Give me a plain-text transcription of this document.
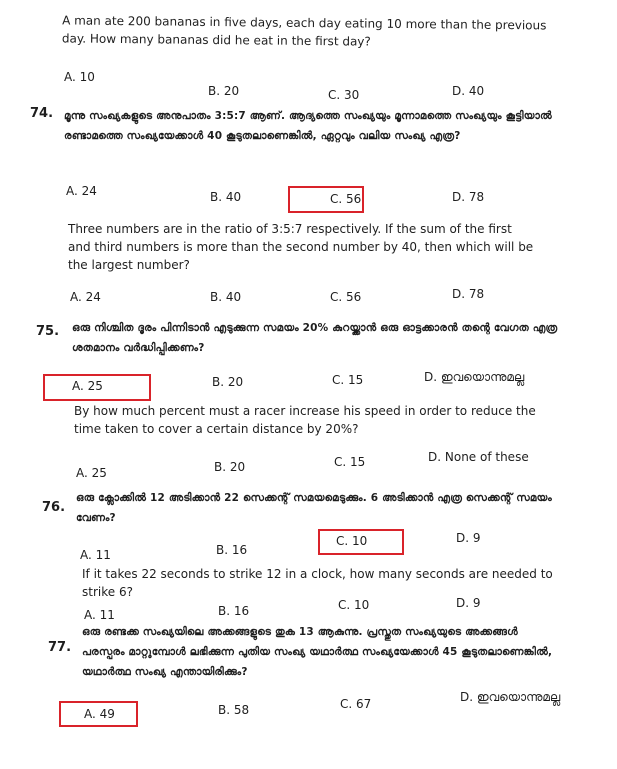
A man ate 200 bananas in five days, each day eating 10 more than the previous day. How many bananas did he eat in the first day?
A. 10
B. 20	C. 30	D. 40
74. മൂന്നു സംഖ്യകളുടെ അനുപാതം 3:5:7 ആണ്. ആദ്യത്തെ സംഖ്യയും മൂന്നാമത്തെ സംഖ്യയും കൂട്ടിയാൽ രണ്ടാമത്തെ സംഖ്യയേക്കാൾ 40 കൂടുതലാണെങ്കിൽ, ഏറ്റവും വലിയ സംഖ്യ എത്ര?
A. 24	B. 40	C. 56	D. 78
Three numbers are in the ratio of 3:5:7 respectively. If the sum of the first and third numbers is more than the second number by 40, then which will be the largest number?
A. 24	B. 40	C. 56	D. 78
75. ഒരു നിശ്ചിത ദൂരം പിന്നിടാൻ എടുക്കുന്ന സമയം 20% കുറയ്ക്കാൻ ഒരു ഓട്ടക്കാരൻ തന്റെ വേഗത എത്ര ശതമാനം വർദ്ധിപ്പിക്കണം?
A. 25	B. 20	C. 15	D. ഇവയൊന്നുമല്ല
By how much percent must a racer increase his speed in order to reduce the time taken to cover a certain distance by 20%?
A. 25	B. 20	C. 15	D. None of these
76.
ഒരു ക്ലോക്കിൽ 12 അടിക്കാൻ 22 സെക്കന്റ് സമയമെടുക്കും. 6 അടിക്കാൻ എത്ര സെക്കന്റ് സമയം വേണം?
A. 11	B. 16
C. 10	D. 9
If it takes 22 seconds to strike 12 in a clock, how many seconds are needed to strike 6?
A. 11	B. 16	C. 10	D. 9
77.
ഒരു രണ്ടക്ക സംഖ്യയിലെ അക്കങ്ങളുടെ തുക 13 ആകുന്നു. പ്രസ്തുത സംഖ്യയുടെ അക്കങ്ങൾ പരസ്പരം മാറ്റുമ്പോൾ ലഭിക്കുന്ന പുതിയ സംഖ്യ യഥാർത്ഥ സംഖ്യയേക്കാൾ 45 കൂടുതലാണെങ്കിൽ, യഥാർത്ഥ സംഖ്യ എന്തായിരിക്കും?
A. 49	B. 58	C. 67	D. ഇവയൊന്നുമല്ല
